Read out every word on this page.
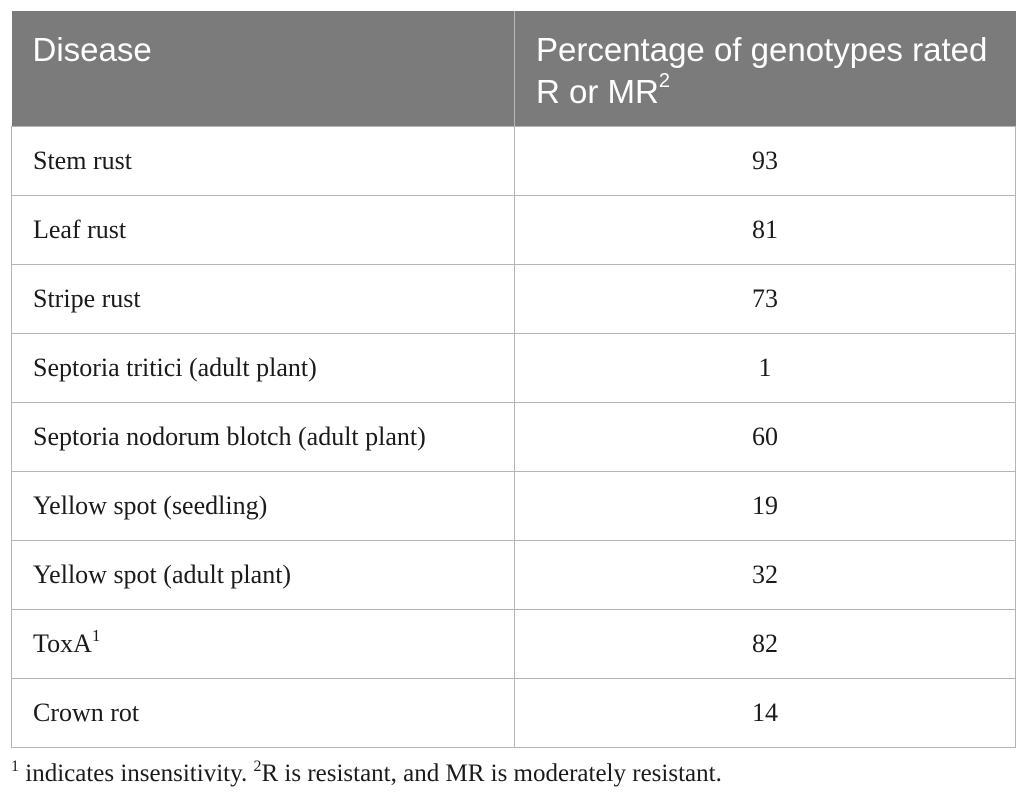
Disease	Percentage of genotypes rated R or $MR^2$
Stem rust	93
Leaf rust	81
Stripe rust	73
Septoria tritici (adult plant)	1
Septoria nodorum blotch (adult plant)	60
Yellow spot (seedling)	19
Yellow spot (adult plant)	32
ToxA$^1$	82
Crown rot	14
$^1$ indicates insensitivity. $^2$R is resistant, and MR is moderately resistant.
